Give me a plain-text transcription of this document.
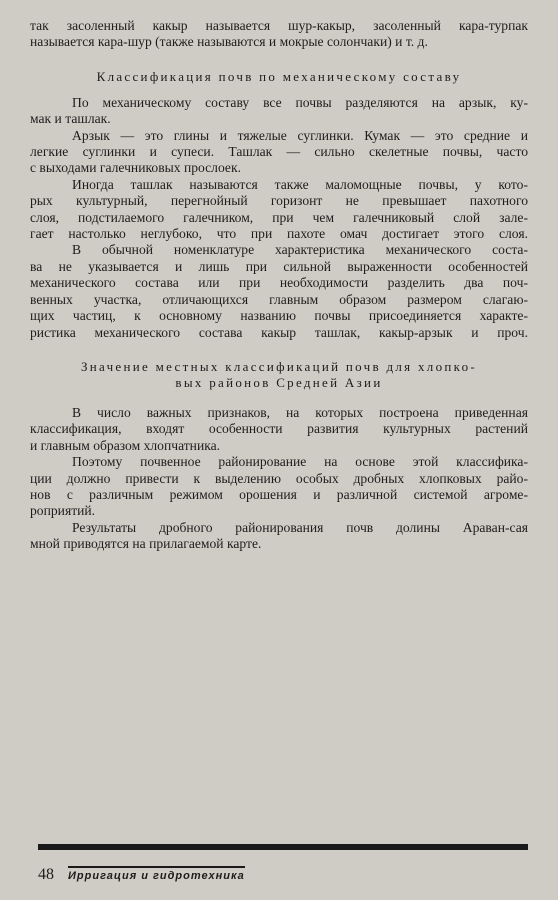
так засоленный какыр называется шур-какыр, засоленный кара-турпак
называется кара-шур (также называются и мокрые солончаки) и т. д.
Классификация почв по механическому составу
По механическому составу все почвы разделяются на арзык, ку-
мак и ташлак.
Арзык — это глины и тяжелые суглинки. Кумак — это средние и
легкие суглинки и супеси. Ташлак — сильно скелетные почвы, часто
с выходами галечниковых прослоек.
Иногда ташлак называются также маломощные почвы, у кото-
рых культурный, перегнойный горизонт не превышает пахотного
слоя, подстилаемого галечником, при чем галечниковый слой зале-
гает настолько неглубоко, что при пахоте омач достигает этого слоя.
В обычной номенклатуре характеристика механического соста-
ва не указывается и лишь при сильной выраженности особенностей
механического состава или при необходимости разделить два поч-
венных участка, отличающихся главным образом размером слагаю-
щих частиц, к основному названию почвы присоединяется характе-
ристика механического состава какыр ташлак, какыр-арзык и проч.
Значение местных классификаций почв для хлопко-
вых районов Средней Азии
В число важных признаков, на которых построена приведенная
классификация, входят особенности развития культурных растений
и главным образом хлопчатника.
Поэтому почвенное районирование на основе этой классифика-
ции должно привести к выделению особых дробных хлопковых райо-
нов с различным режимом орошения и различной системой агроме-
роприятий.
Результаты дробного районирования почв долины Араван-сая
мной приводятся на прилагаемой карте.
48 Ирригация и гидротехника
